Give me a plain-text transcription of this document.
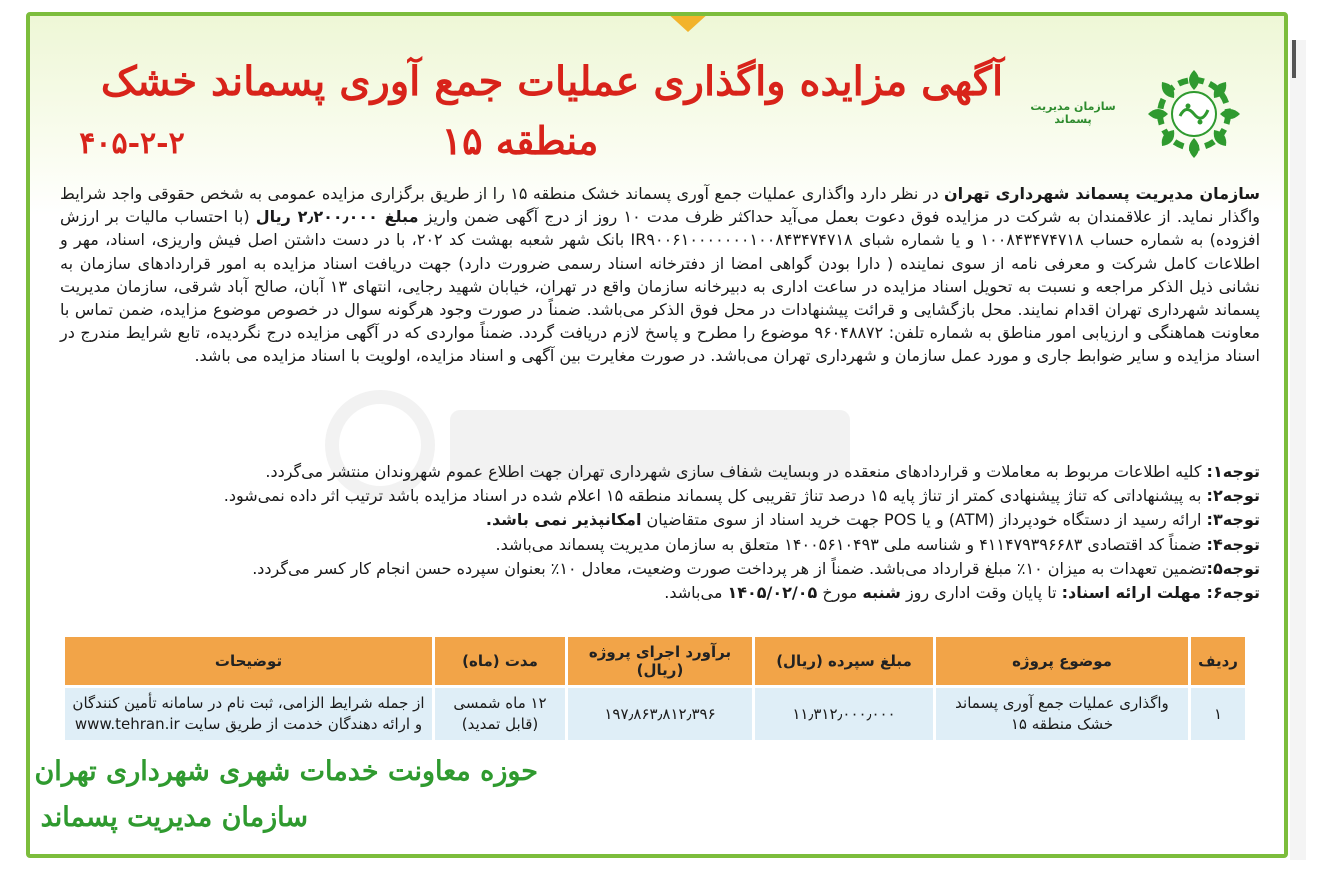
سازمان مدیریت پسماند
آگهی مزایده واگذاری عملیات جمع آوری پسماند خشک
منطقه ۱۵
۴۰۵-۲-۲
سازمان مدیریت پسماند شهرداری تهران در نظر دارد واگذاری عملیات جمع آوری پسماند خشک منطقه ۱۵ را از طریق برگزاری مزایده عمومی به شخص حقوقی واجد شرایط واگذار نماید. از علاقمندان به شرکت در مزایده فوق دعوت بعمل می‌آید حداکثر ظرف مدت ۱۰ روز از درج آگهی ضمن واریز مبلغ ۲٫۲۰۰٫۰۰۰ ریال (با احتساب مالیات بر ارزش افزوده) به شماره حساب ۱۰۰۸۴۳۴۷۴۷۱۸ و یا شماره شبای IR۹۰۰۶۱۰۰۰۰۰۰۰۱۰۰۸۴۳۴۷۴۷۱۸ بانک شهر شعبه بهشت کد ۲۰۲، با در دست داشتن اصل فیش واریزی، اسناد، مهر و اطلاعات کامل شرکت و معرفی نامه از سوی نماینده ( دارا بودن گواهی امضا از دفترخانه اسناد رسمی ضرورت دارد) جهت دریافت اسناد مزایده به امور قراردادهای سازمان به نشانی ذیل الذکر مراجعه و نسبت به تحویل اسناد مزایده در ساعت اداری به دبیرخانه سازمان واقع در تهران، خیابان شهید رجایی، انتهای ۱۳ آبان، صالح آباد شرقی، سازمان مدیریت پسماند شهرداری تهران اقدام نمایند. محل بازگشایی و قرائت پیشنهادات در محل فوق الذکر می‌باشد. ضمناً در صورت وجود هرگونه سوال در خصوص موضوع مزایده، ضمن تماس با معاونت هماهنگی و ارزیابی امور مناطق به شماره تلفن: ۹۶۰۴۸۸۷۲ موضوع را مطرح و پاسخ لازم دریافت گردد. ضمناً مواردی که در آگهی مزایده درج نگردیده، تابع شرایط مندرج در اسناد مزایده و سایر ضوابط جاری و مورد عمل سازمان و شهرداری تهران می‌باشد. در صورت مغایرت بین آگهی و اسناد مزایده، اولویت با اسناد مزایده می باشد.
توجه۱: کلیه اطلاعات مربوط به معاملات و قراردادهای منعقده در وبسایت شفاف سازی شهرداری تهران جهت اطلاع عموم شهروندان منتشر می‌گردد.
توجه۲: به پیشنهاداتی که تناژ پیشنهادی کمتر از تناژ پایه ۱۵ درصد تناژ تقریبی کل پسماند منطقه ۱۵ اعلام شده در اسناد مزایده باشد ترتیب اثر داده نمی‌شود.
توجه۳: ارائه رسید از دستگاه خودپرداز (ATM) و یا POS جهت خرید اسناد از سوی متقاضیان امکانپذیر نمی باشد.
توجه۴: ضمناً کد اقتصادی ۴۱۱۴۷۹۳۹۶۶۸۳ و شناسه ملی ۱۴۰۰۵۶۱۰۴۹۳ متعلق به سازمان مدیریت پسماند می‌باشد.
توجه۵:تضمین تعهدات به میزان ۱۰٪ مبلغ قرارداد می‌باشد. ضمناً از هر پرداخت صورت وضعیت، معادل ۱۰٪ بعنوان سپرده حسن انجام کار کسر می‌گردد.
توجه۶: مهلت ارائه اسناد: تا پایان وقت اداری روز شنبه مورخ ۱۴۰۵/۰۲/۰۵ می‌باشد.
ردیف	موضوع پروژه	مبلغ سپرده (ریال)	برآورد اجرای پروژه (ریال)	مدت (ماه)	توضیحات
۱	واگذاری عملیات جمع آوری پسماند خشک منطقه ۱۵	۱۱٫۳۱۲٫۰۰۰٫۰۰۰	۱۹۷٫۸۶۳٫۸۱۲٫۳۹۶	۱۲ ماه شمسی (قابل تمدید)	از جمله شرایط الزامی، ثبت نام در سامانه تأمین کنندگان و ارائه دهندگان خدمت از طریق سایت www.tehran.ir
حوزه معاونت خدمات شهری شهرداری تهران
سازمان مدیریت پسماند
